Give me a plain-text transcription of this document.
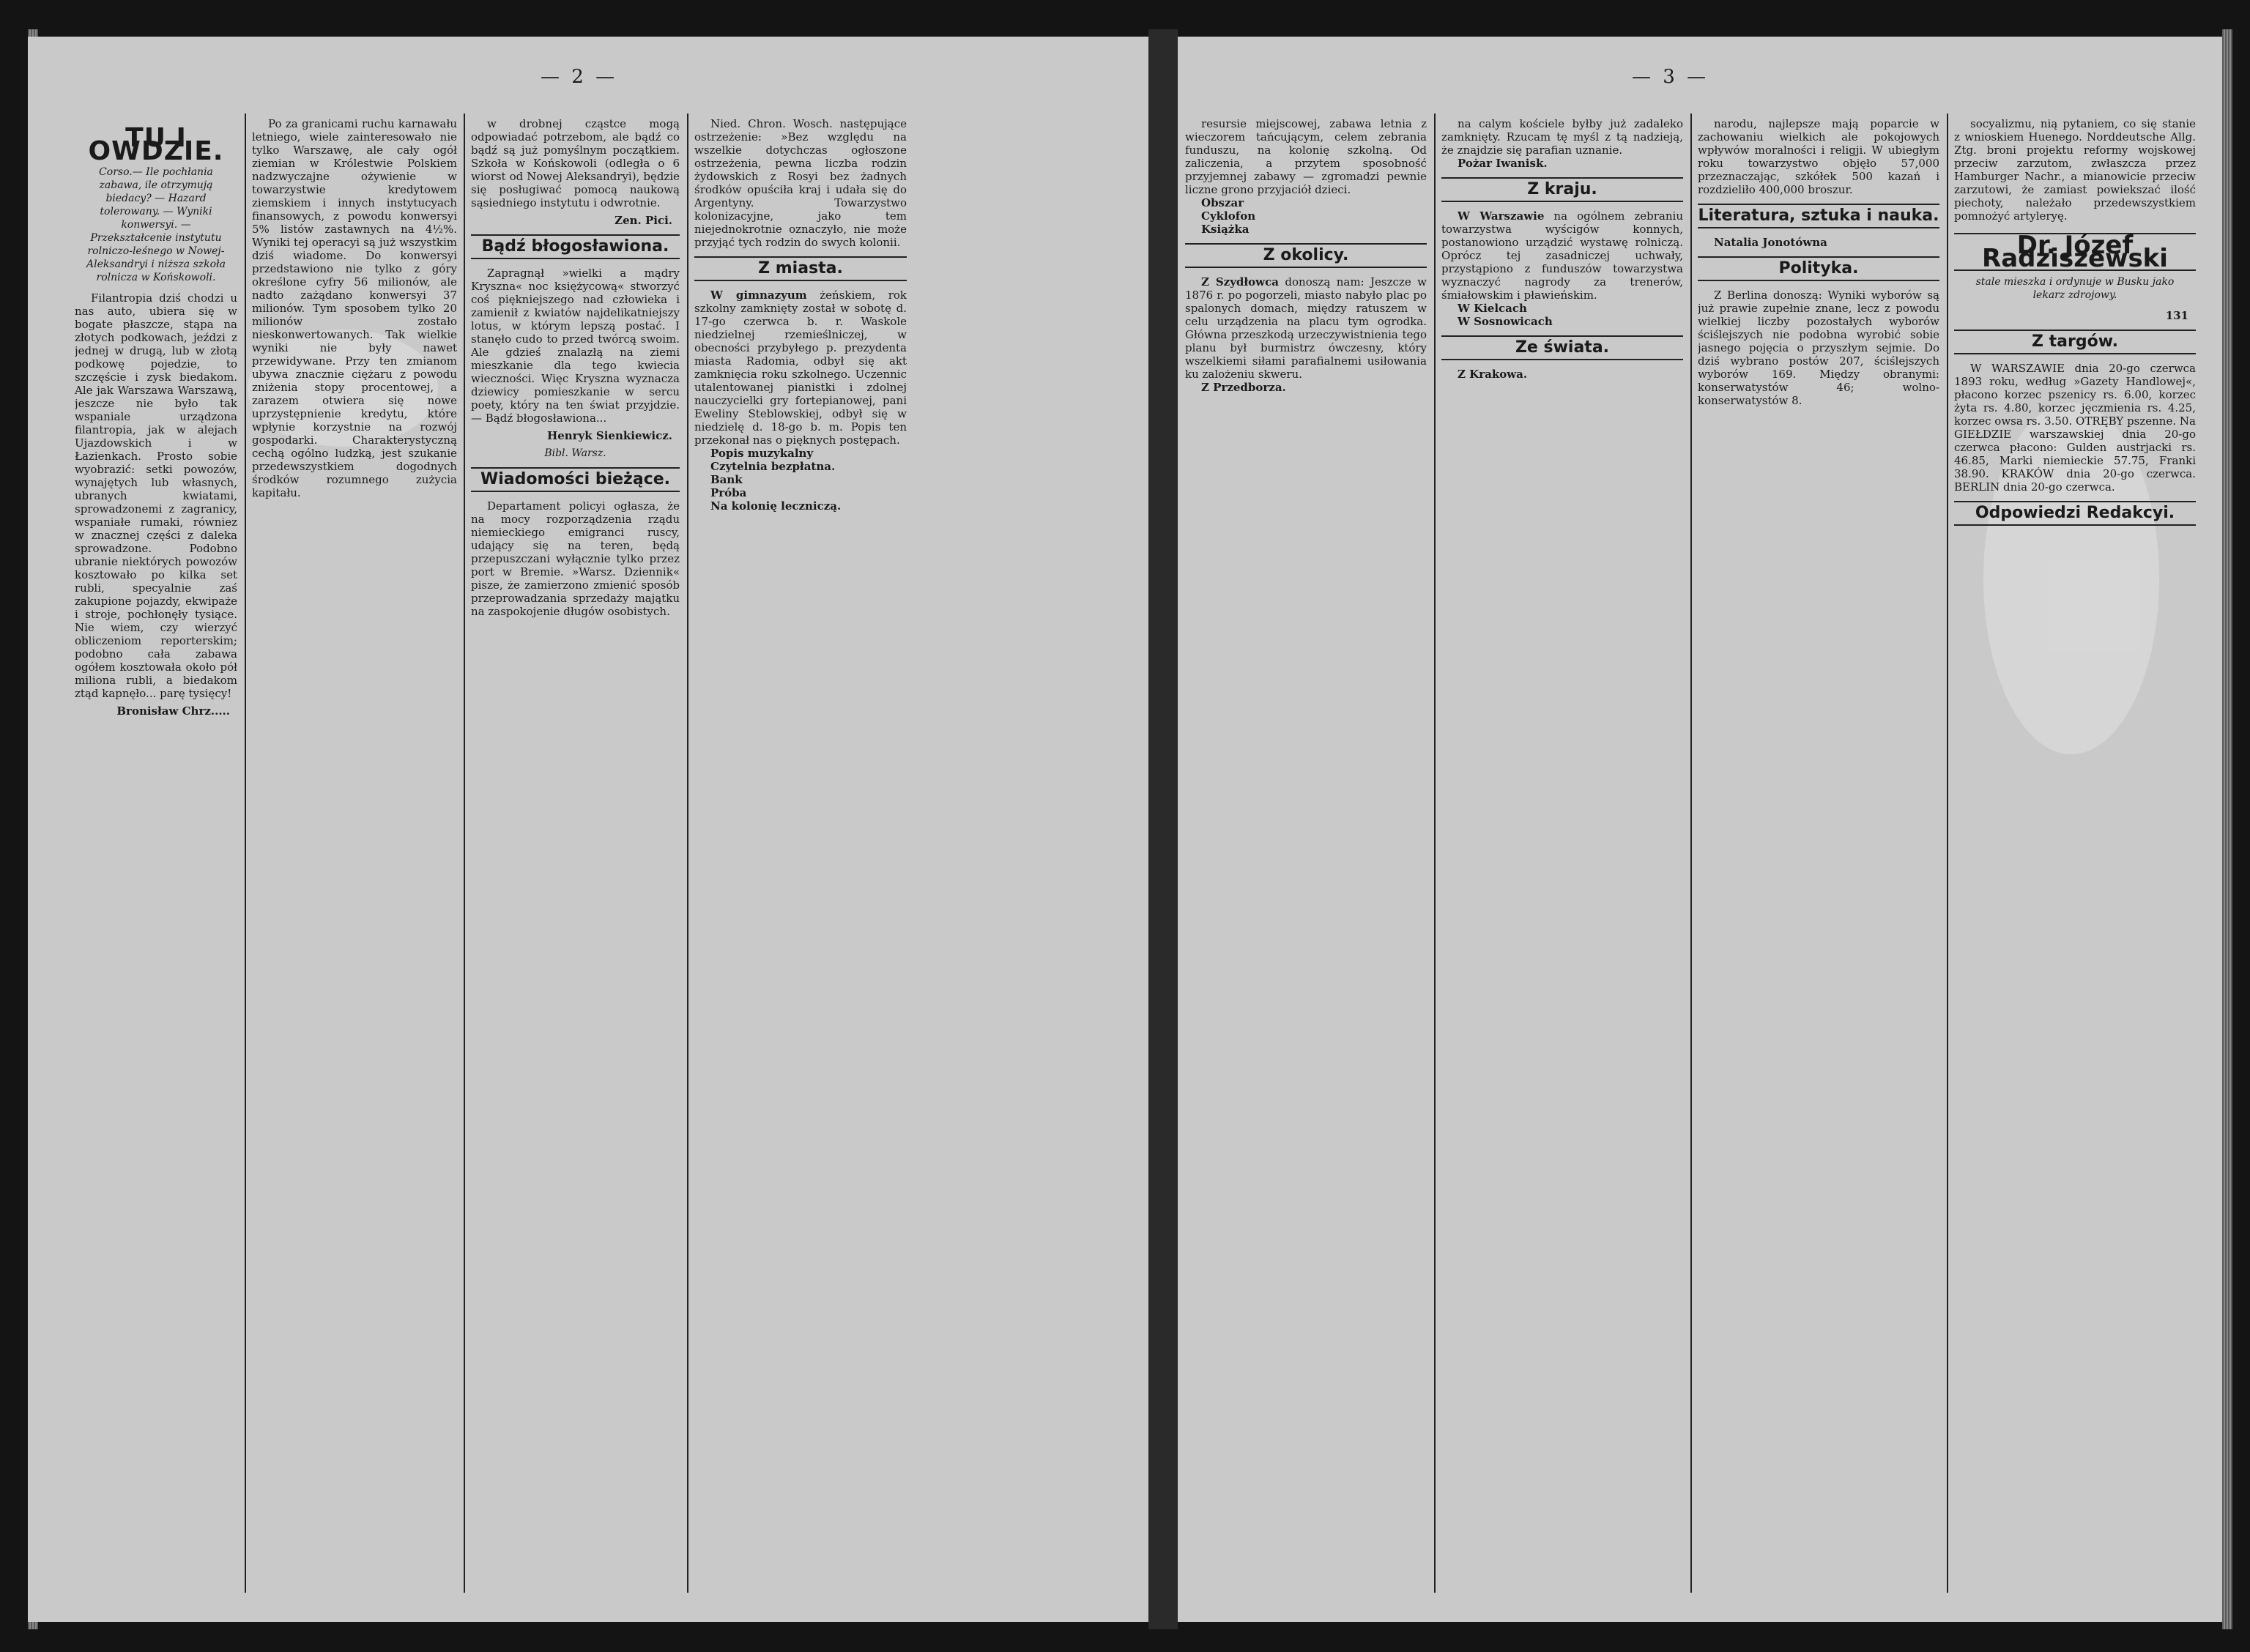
— 2 —
TU I OWDZIE.
Corso.— Ile pochłania zabawa, ile otrzymują biedacy? — Hazard tolerowany. — Wyniki konwersyi. — Przekształcenie instytutu rolniczo-leśnego w Nowej-Aleksandryi i niższa szkoła rolnicza w Końskowoli.

Filantropia dziś chodzi u nas auto, ubiera się w bogate płaszcze, stąpa na złotych podkowach, jeździ z jednej w drugą, lub w złotą podkowę pojedzie, to szczęście i zysk biedakom. Ale jak Warszawa Warszawą, jeszcze nie było tak wspaniale urządzona filantropia, jak w alejach Ujazdowskich i w Łazienkach. Prosto sobie wyobrazić: setki powozów, wynajętych lub własnych, ubranych kwiatami, sprowadzonemi z zagranicy, wspaniałe rumaki, równiez w znacznej części z daleka sprowadzone. Podobno ubranie niektórych powozów kosztowało po kilka set rubli, specyalnie zaś zakupione pojazdy, ekwipaże i stroje, pochłonęły tysiące. Nie wiem, czy wierzyć obliczeniom reporterskim; podobno cała zabawa ogółem kosztowała około pół miliona rubli, a biedakom ztąd kapnęło... parę tysięcy!

Bronisław Chrz.....

Po za granicami ruchu karnawału letniego, wiele zainteresowało nie tylko Warszawę, ale cały ogół ziemian w Królestwie Polskiem nadzwyczajne ożywienie w towarzystwie kredytowem ziemskiem i innych instytucyach finansowych, z powodu konwersyi 5% listów zastawnych na 4½%. Wyniki tej operacyi są już wszystkim dziś wiadome. Do konwersyi przedstawiono nie tylko z góry określone cyfry 56 milionów, ale nadto zażądano konwersyi 37 milionów. Tym sposobem tylko 20 milionów zostało nieskonwertowanych. Tak wielkie wyniki nie były nawet przewidywane. Przy ten zmianom ubywa znacznie ciężaru z powodu zniżenia stopy procentowej, a zarazem otwiera się nowe uprzystępnienie kredytu, które wpłynie korzystnie na rozwój gospodarki. Charakterystyczną cechą ogólno ludzką, jest szukanie przedewszystkiem dogodnych środków rozumnego zużycia kapitału.

w drobnej cząstce mogą odpowiadać potrzebom, ale bądź co bądź są już pomyślnym początkiem. Szkoła w Końskowoli (odległa o 6 wiorst od Nowej Aleksandryi), będzie się posługiwać pomocą naukową sąsiedniego instytutu i odwrotnie.

Zen. Pici.
Bądź błogosławiona.

Zapragnął »wielki a mądry Kryszna« noc księżycową« stworzyć coś piękniejszego nad człowieka i zamienił z kwiatów najdelikatniejszy lotus, w którym lepszą postać. I stanęło cudo to przed twórcą swoim. Ale gdzieś znalazłą na ziemi mieszkanie dla tego kwiecia wieczności. Więc Kryszna wyznacza dziewicy pomieszkanie w sercu poety, który na ten świat przyjdzie. — Bądź błogosławiona...

Henryk Sienkiewicz.
Bibl. Warsz.
Wiadomości bieżące.

Departament policyi ogłasza, że na mocy rozporządzenia rządu niemieckiego emigranci ruscy, udający się na teren, będą przepuszczani wyłącznie tylko przez port w Bremie. »Warsz. Dziennik« pisze, że zamierzono zmienić sposób przeprowadzania sprzedaży majątku na zaspokojenie długów osobistych.

Nied. Chron. Wosch. następujące ostrzeżenie: »Bez względu na wszelkie dotychczas ogłoszone ostrzeżenia, pewna liczba rodzin żydowskich z Rosyi bez żadnych środków opuściła kraj i udała się do Argentyny. Towarzystwo kolonizacyjne, jako tem niejednokrotnie oznaczyło, nie może przyjąć tych rodzin do swych kolonii.

Z miasta.

W gimnazyum żeńskiem, rok szkolny zamknięty został w sobotę d. 17-go czerwca b. r. Waskole niedzielnej rzemieślniczej, w obecności przybyłego p. prezydenta miasta Radomia, odbył się akt zamknięcia roku szkolnego. Uczennic utalentowanej pianistki i zdolnej nauczycielki gry fortepianowej, pani Eweliny Steblowskiej, odbył się w niedzielę d. 18-go b. m. Popis ten przekonał nas o pięknych postępach.

Popis muzykalny

Czytelnia bezpłatna.

Bank

Próba

Na kolonię leczniczą.

— 3 —

resursie miejscowej, zabawa letnia z wieczorem tańcującym, celem zebrania funduszu, na kolonię szkolną. Od zaliczenia, a przytem sposobność przyjemnej zabawy — zgromadzi pewnie liczne grono przyjaciół dzieci.

Obszar

Cyklofon

Książka

Z okolicy.

Z Szydłowca donoszą nam: Jeszcze w 1876 r. po pogorzeli, miasto nabyło plac po spalonych domach, między ratuszem w celu urządzenia na placu tym ogrodka. Główna przeszkodą urzeczywistnienia tego planu był burmistrz ówczesny, który wszelkiemi siłami parafialnemi usiłowania ku zalożeniu skweru.

Z Przedborza.

na calym kościele byłby już zadaleko zamknięty. Rzucam tę myśl z tą nadzieją, że znajdzie się parafian uznanie.

Pożar Iwanisk.

Z kraju.

W Warszawie na ogólnem zebraniu towarzystwa wyścigów konnych, postanowiono urządzić wystawę rolniczą. Oprócz tej zasadniczej uchwały, przystąpiono z funduszów towarzystwa wyznaczyć nagrody za trenerów, śmiałowskim i pławieńskim.

W Kielcach

W Sosnowicach

Ze świata.

Z Krakowa.

narodu, najlepsze mają poparcie w zachowaniu wielkich ale pokojowych wpływów moralności i religji. W ubiegłym roku towarzystwo objęło 57,000 przeznaczając, szkółek 500 kazań i rozdzieliło 400,000 broszur.

Literatura, sztuka i nauka.

Natalia Jonotówna

Polityka.

Z Berlina donoszą: Wyniki wyborów są już prawie zupełnie znane, lecz z powodu wielkiej liczby pozostałych wyborów ściślejszych nie podobna wyrobić sobie jasnego pojęcia o przyszłym sejmie. Do dziś wybrano postów 207, ściślejszych wyborów 169. Między obranymi: konserwatystów 46; wolno-konserwatystów 8.

socyalizmu, nią pytaniem, co się stanie z wnioskiem Huenego. Norddeutsche Allg. Ztg. broni projektu reformy wojskowej przeciw zarzutom, zwłaszcza przez Hamburger Nachr., a mianowicie przeciw zarzutowi, że zamiast powiekszać ilość piechoty, należało przedewszystkiem pomnożyć artyleryę.

Dr. Józef Radziszewski
stale mieszka i ordynuje w Busku jako lekarz zdrojowy.
131
Z targów.

W WARSZAWIE dnia 20-go czerwca 1893 roku, według »Gazety Handlowej«, płacono korzec pszenicy rs. 6.00, korzec żyta rs. 4.80, korzec jęczmienia rs. 4.25, korzec owsa rs. 3.50. OTRĘBY pszenne. Na GIEŁDZIE warszawskiej dnia 20-go czerwca płacono: Gulden austrjacki rs. 46.85, Marki niemieckie 57.75, Franki 38.90. KRAKÓW dnia 20-go czerwca. BERLIN dnia 20-go czerwca.

Odpowiedzi Redakcyi.
